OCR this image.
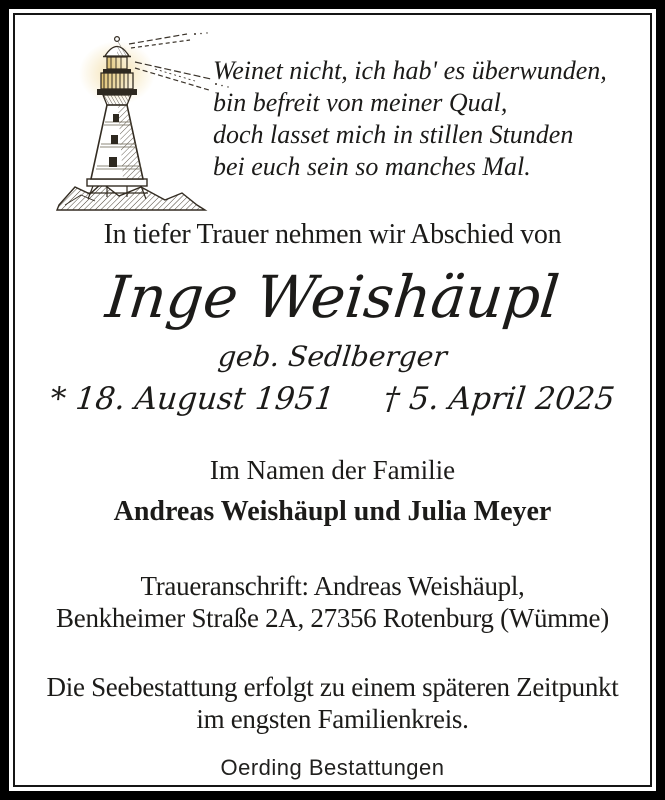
Weinet nicht, ich hab' es überwunden,
bin befreit von meiner Qual,
doch lasset mich in stillen Stunden
bei euch sein so manches Mal.
In tiefer Trauer nehmen wir Abschied von
Inge Weishäupl
geb. Sedlberger
* 18. August 1951 † 5. April 2025
Im Namen der Familie
Andreas Weishäupl und Julia Meyer
Traueranschrift: Andreas Weishäupl,
Benkheimer Straße 2A, 27356 Rotenburg (Wümme)
Die Seebestattung erfolgt zu einem späteren Zeitpunkt
im engsten Familienkreis.
Oerding Bestattungen
